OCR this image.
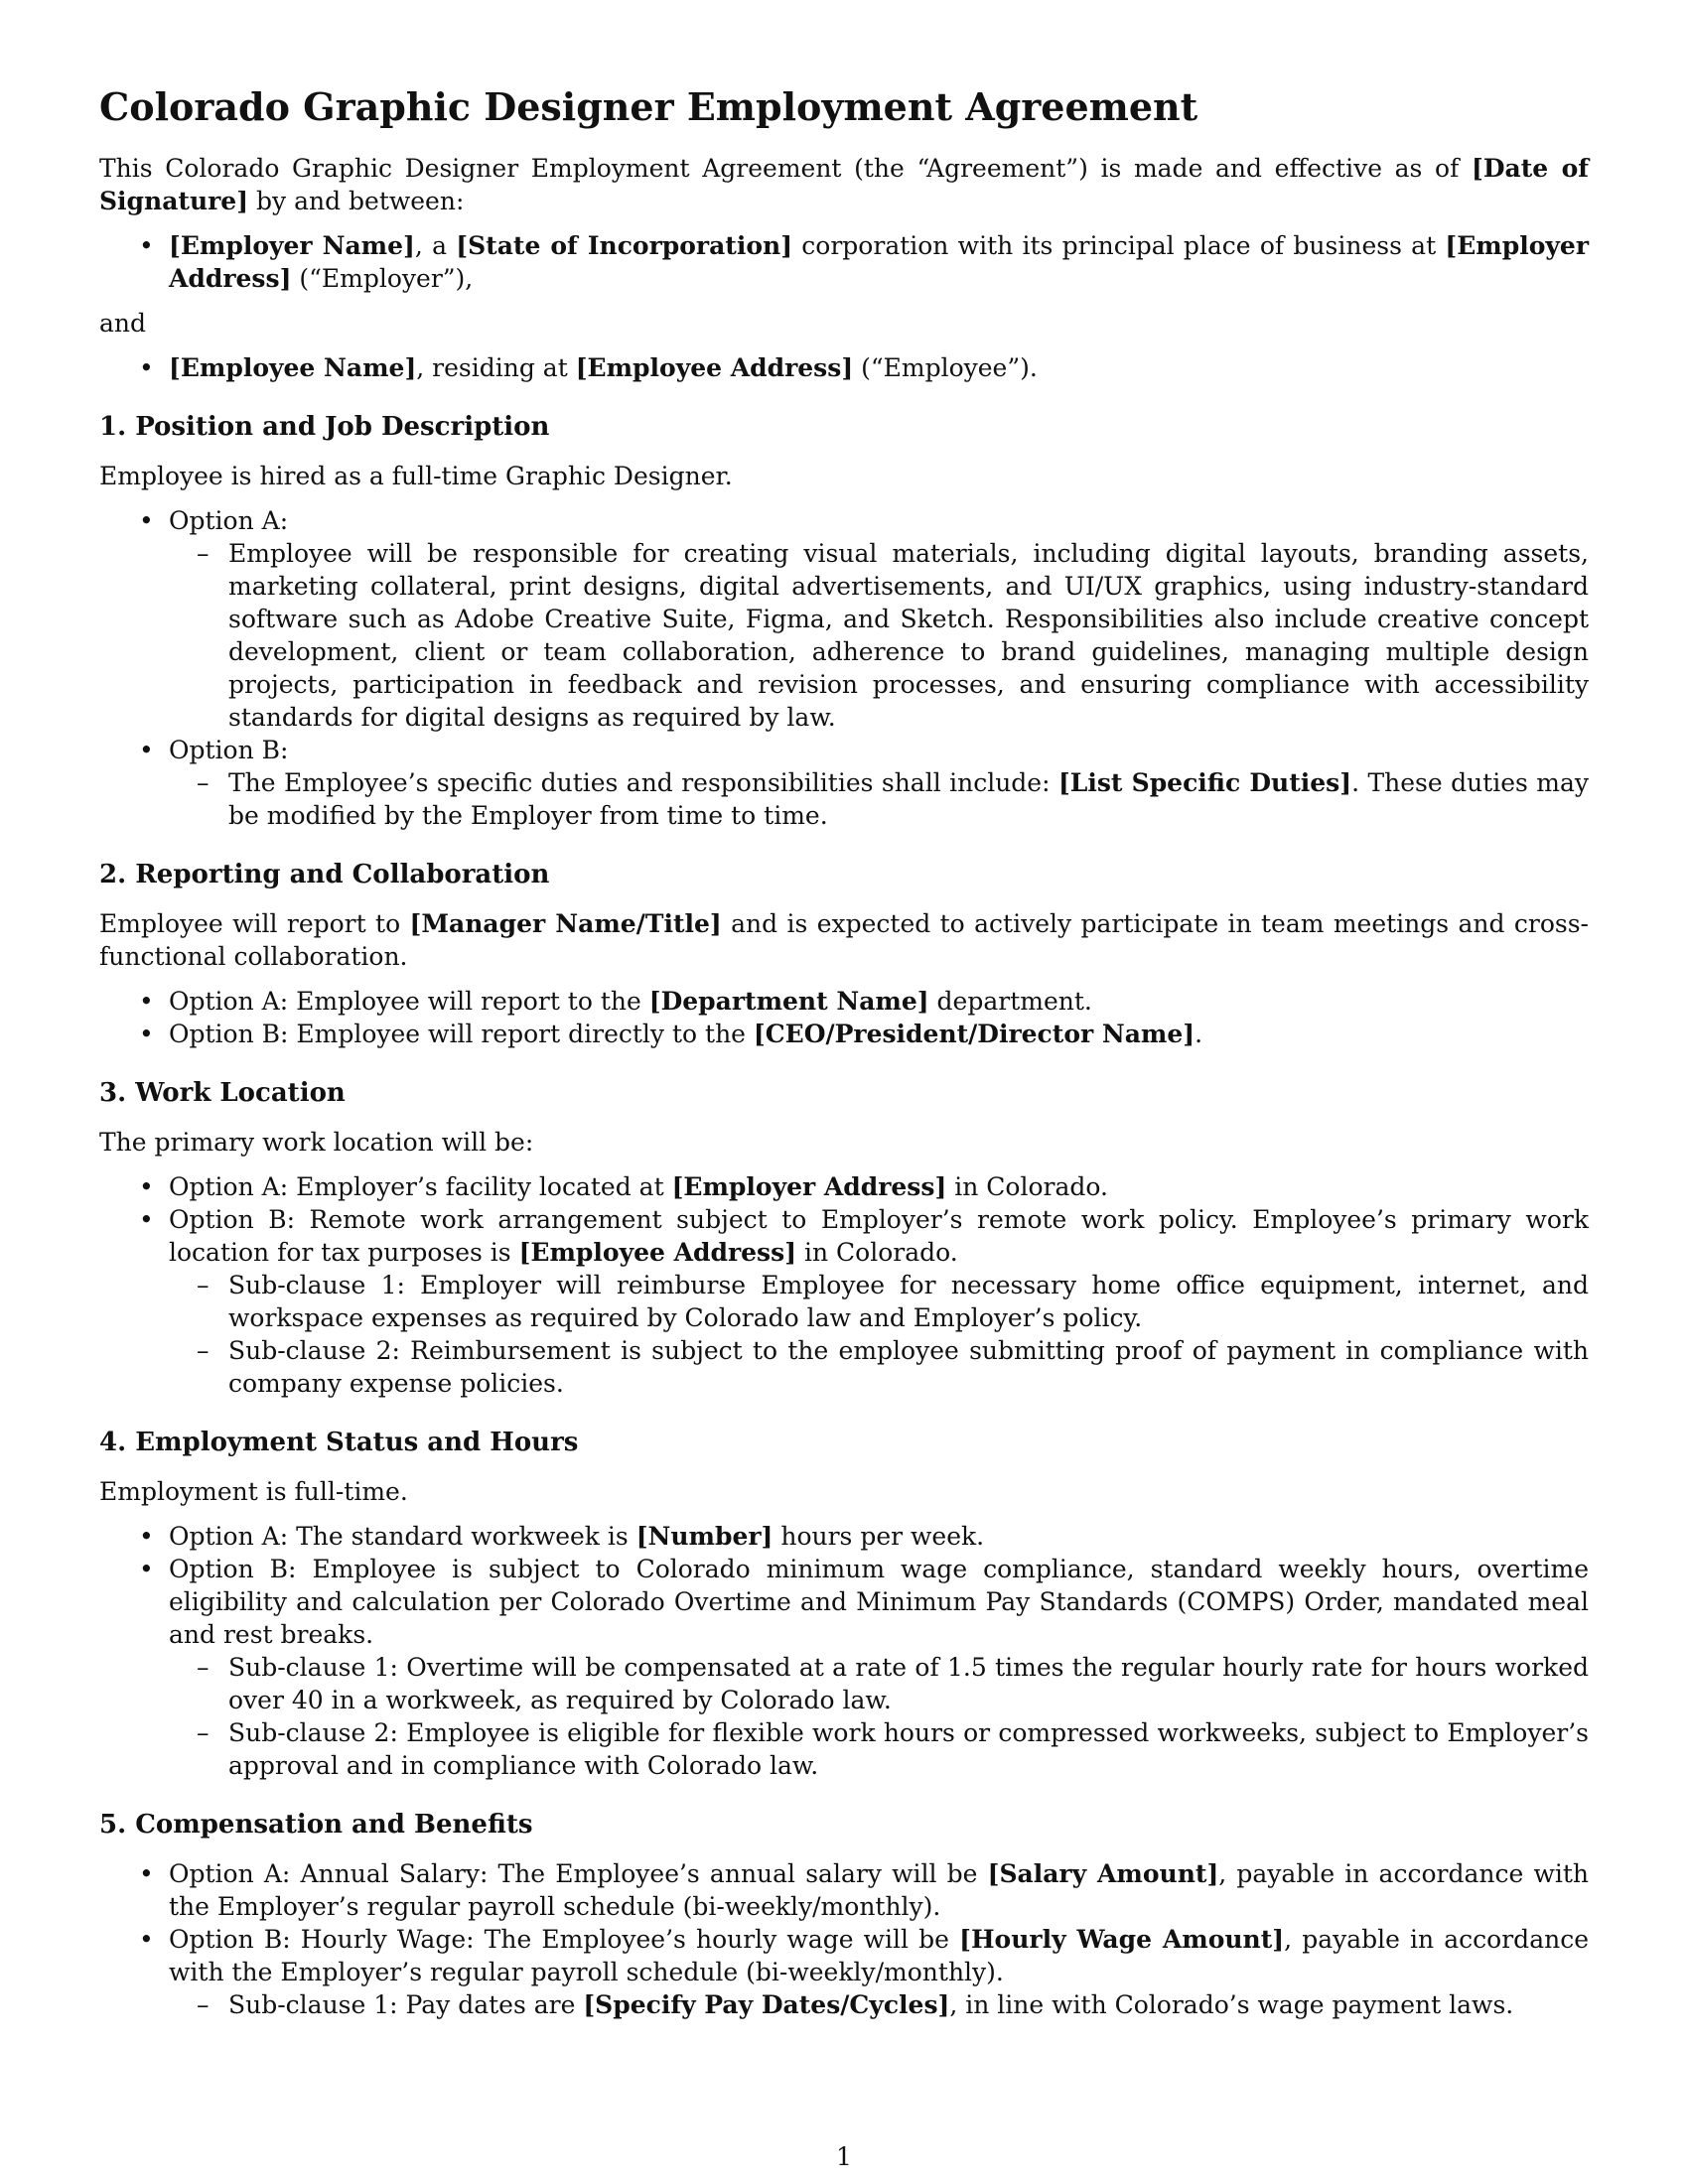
Colorado Graphic Designer Employment Agreement

This Colorado Graphic Designer Employment Agreement (the “Agreement”) is made and effective as of [Date of Signature] by and between:

• [Employer Name], a [State of Incorporation] corporation with its principal place of business at [Employer Address] (“Employer”),

and

• [Employee Name], residing at [Employee Address] (“Employee”).
1. Position and Job Description

Employee is hired as a full-time Graphic Designer.

• Option A:
– Employee will be responsible for creating visual materials, including digital layouts, branding assets, marketing collateral, print designs, digital advertisements, and UI/UX graphics, using industry-standard software such as Adobe Creative Suite, Figma, and Sketch. Responsibilities also include creative concept development, client or team collaboration, adherence to brand guidelines, managing multiple design projects, participation in feedback and revision processes, and ensuring compliance with accessibility standards for digital designs as required by law.
• Option B:
– The Employee’s specific duties and responsibilities shall include: [List Specific Duties]. These duties may be modified by the Employer from time to time.
2. Reporting and Collaboration

Employee will report to [Manager Name/Title] and is expected to actively participate in team meetings and cross-functional collaboration.

• Option A: Employee will report to the [Department Name] department.
• Option B: Employee will report directly to the [CEO/President/Director Name].
3. Work Location

The primary work location will be:

• Option A: Employer’s facility located at [Employer Address] in Colorado.
• Option B: Remote work arrangement subject to Employer’s remote work policy. Employee’s primary work location for tax purposes is [Employee Address] in Colorado.
– Sub-clause 1: Employer will reimburse Employee for necessary home office equipment, internet, and workspace expenses as required by Colorado law and Employer’s policy.
– Sub-clause 2: Reimbursement is subject to the employee submitting proof of payment in compliance with company expense policies.
4. Employment Status and Hours

Employment is full-time.

• Option A: The standard workweek is [Number] hours per week.
• Option B: Employee is subject to Colorado minimum wage compliance, standard weekly hours, overtime eligibility and calculation per Colorado Overtime and Minimum Pay Standards (COMPS) Order, mandated meal and rest breaks.
– Sub-clause 1: Overtime will be compensated at a rate of 1.5 times the regular hourly rate for hours worked over 40 in a workweek, as required by Colorado law.
– Sub-clause 2: Employee is eligible for flexible work hours or compressed workweeks, subject to Employer’s approval and in compliance with Colorado law.
5. Compensation and Benefits
• Option A: Annual Salary: The Employee’s annual salary will be [Salary Amount], payable in accordance with the Employer’s regular payroll schedule (bi-weekly/monthly).
• Option B: Hourly Wage: The Employee’s hourly wage will be [Hourly Wage Amount], payable in accordance with the Employer’s regular payroll schedule (bi-weekly/monthly).
– Sub-clause 1: Pay dates are [Specify Pay Dates/Cycles], in line with Colorado’s wage payment laws.
1
